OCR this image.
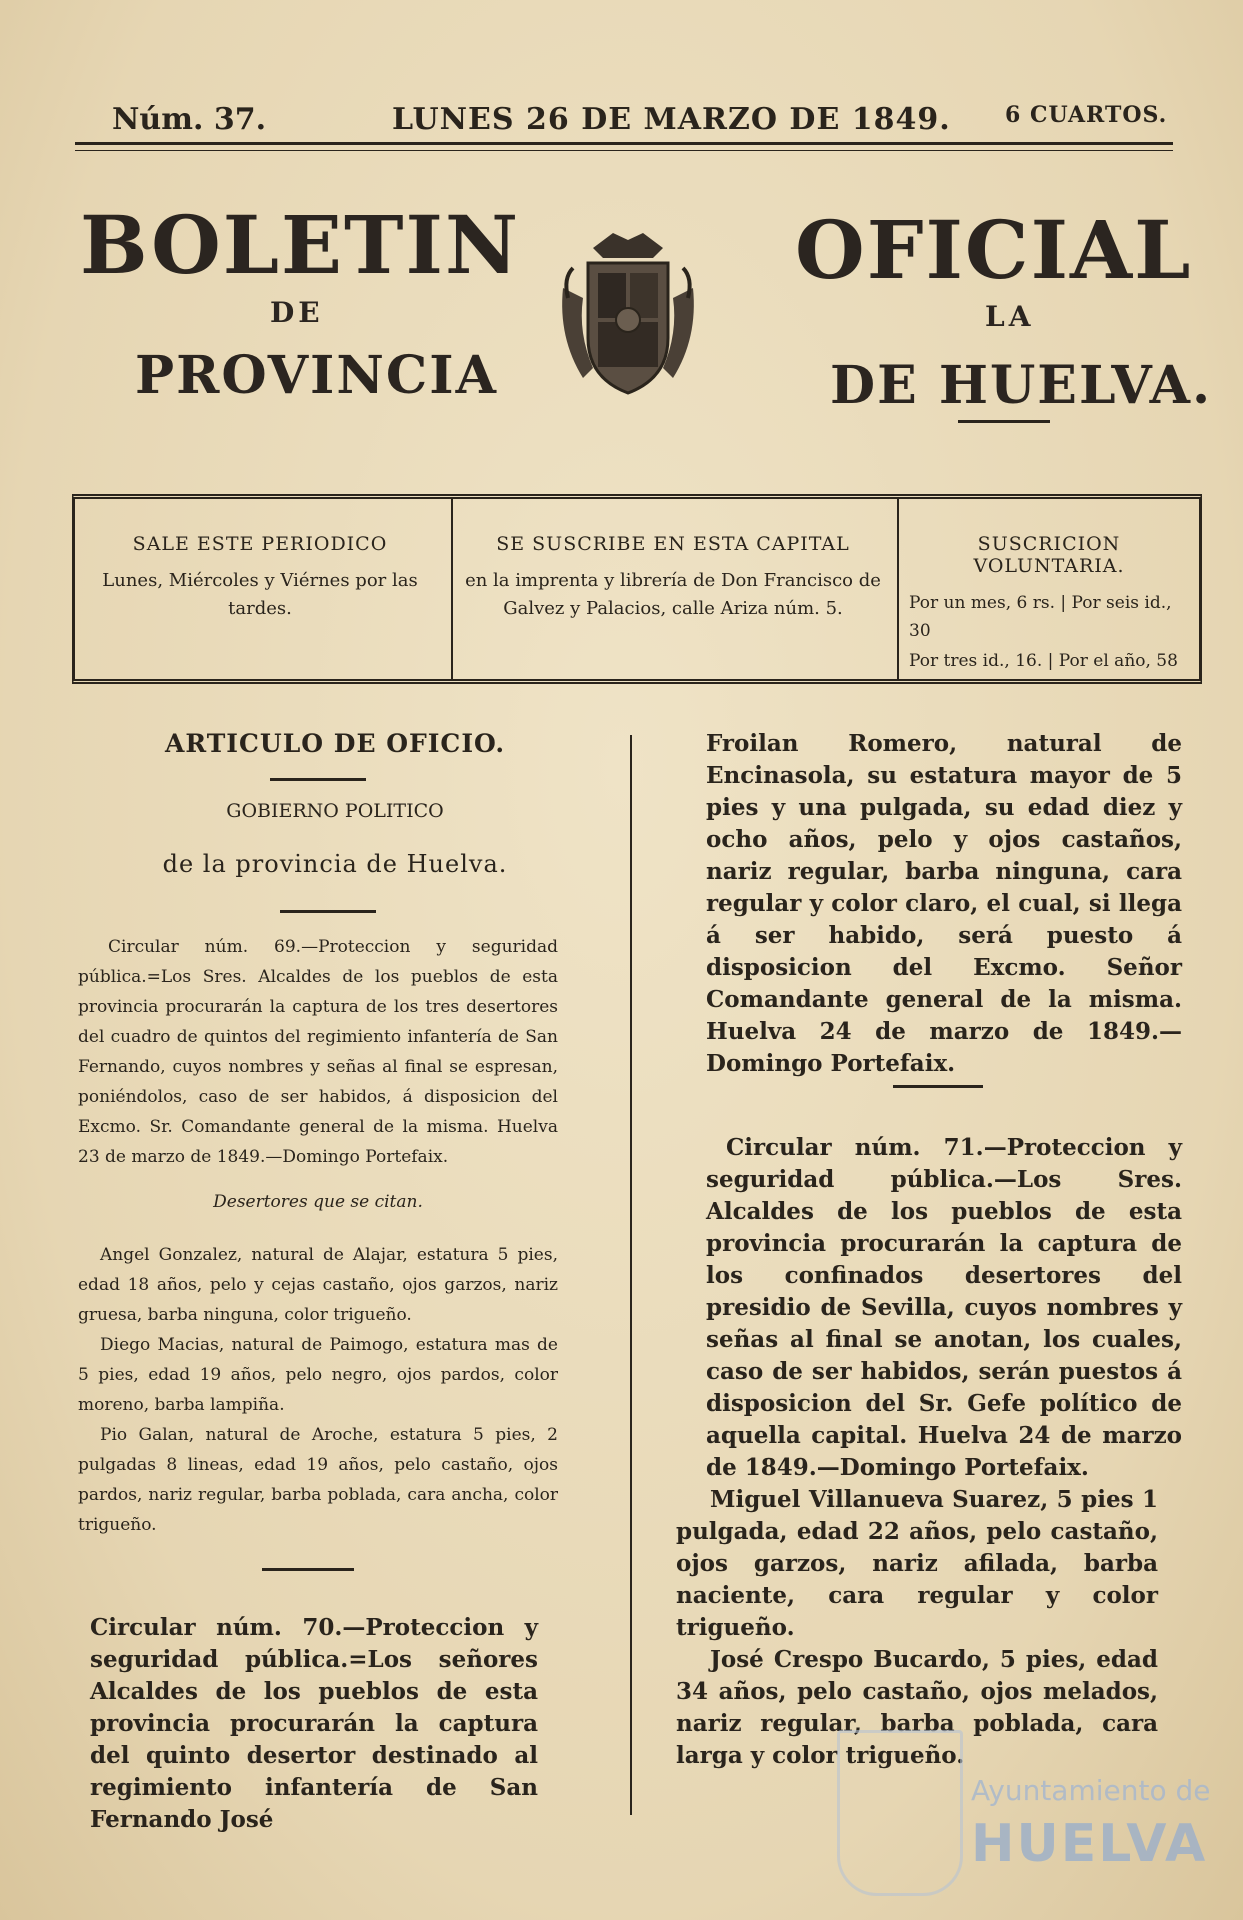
Núm. 37.	LUNES 26 DE MARZO DE 1849. 6 CUARTOS.
BOLETIN
DE
PROVINCIA
OFICIAL
LA
DE HUELVA.
SALE ESTE PERIODICO
Lunes, Miércoles y Viérnes por las tardes.
SE SUSCRIBE EN ESTA CAPITAL
en la imprenta y librería de Don Francisco de Galvez y Palacios, calle Ariza núm. 5.
SUSCRICION VOLUNTARIA.
Por un mes, 6 rs. | Por seis id., 30
Por tres id., 16. | Por el año, 58
ARTICULO DE OFICIO.
GOBIERNO POLITICO
de la provincia de Huelva.
Circular núm. 69.—Proteccion y seguridad pública.=Los Sres. Alcaldes de los pueblos de esta provincia procurarán la captura de los tres desertores del cuadro de quintos del regimiento infantería de San Fernando, cuyos nombres y señas al final se espresan, poniéndolos, caso de ser habidos, á disposicion del Excmo. Sr. Comandante general de la misma. Huelva 23 de marzo de 1849.—Domingo Portefaix.
Desertores que se citan.
Angel Gonzalez, natural de Alajar, estatura 5 pies, edad 18 años, pelo y cejas castaño, ojos garzos, nariz gruesa, barba ninguna, color trigueño.
Diego Macias, natural de Paimogo, estatura mas de 5 pies, edad 19 años, pelo negro, ojos pardos, color moreno, barba lampiña.
Pio Galan, natural de Aroche, estatura 5 pies, 2 pulgadas 8 lineas, edad 19 años, pelo castaño, ojos pardos, nariz regular, barba poblada, cara ancha, color trigueño.
Circular núm. 70.—Proteccion y seguridad pública.=Los señores Alcaldes de los pueblos de esta provincia procurarán la captura del quinto desertor destinado al regimiento infantería de San Fernando José
Froilan Romero, natural de Encinasola, su estatura mayor de 5 pies y una pulgada, su edad diez y ocho años, pelo y ojos castaños, nariz regular, barba ninguna, cara regular y color claro, el cual, si llega á ser habido, será puesto á disposicion del Excmo. Señor Comandante general de la misma. Huelva 24 de marzo de 1849.—Domingo Portefaix.
Circular núm. 71.—Proteccion y seguridad pública.—Los Sres. Alcaldes de los pueblos de esta provincia procurarán la captura de los confinados desertores del presidio de Sevilla, cuyos nombres y señas al final se anotan, los cuales, caso de ser habidos, serán puestos á disposicion del Sr. Gefe político de aquella capital. Huelva 24 de marzo de 1849.—Domingo Portefaix.
Miguel Villanueva Suarez, 5 pies 1 pulgada, edad 22 años, pelo castaño, ojos garzos, nariz afilada, barba naciente, cara regular y color trigueño.
José Crespo Bucardo, 5 pies, edad 34 años, pelo castaño, ojos melados, nariz regular, barba poblada, cara larga y color trigueño.
Ayuntamiento de
HUELVA
